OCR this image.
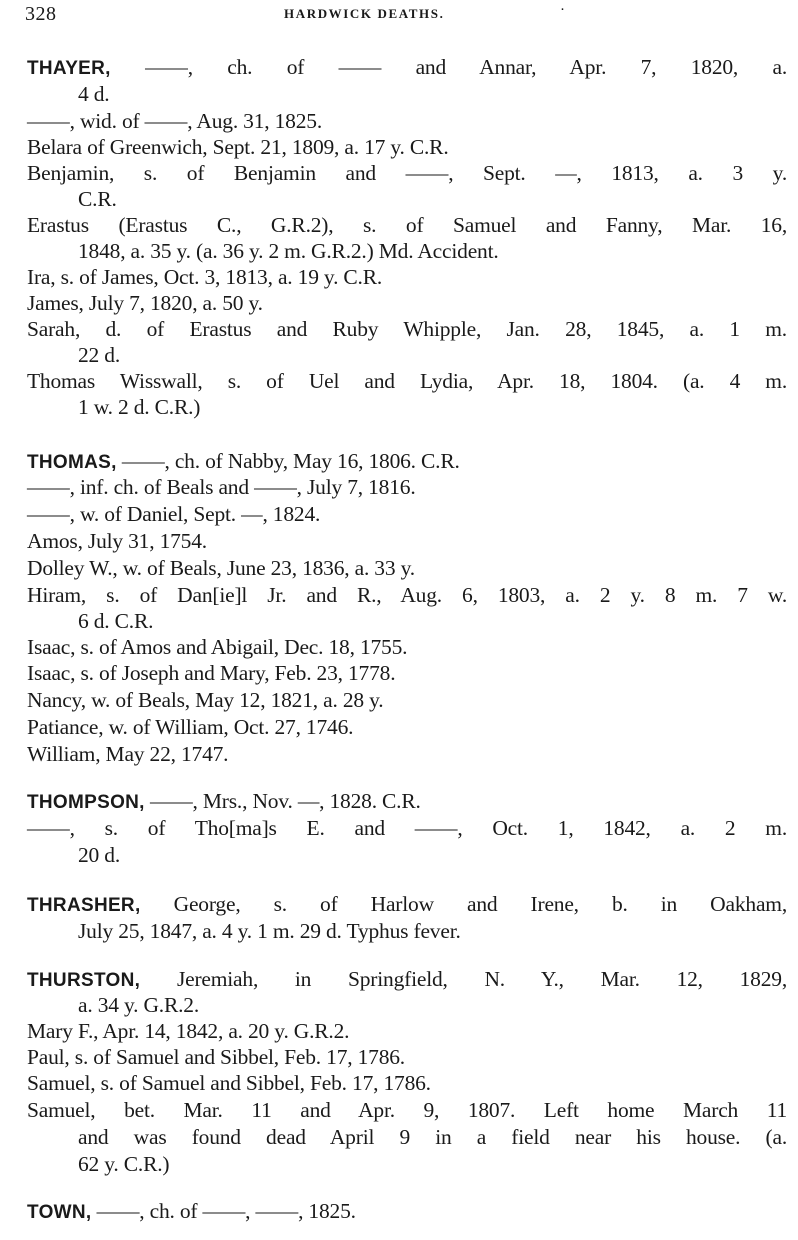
328	HARDWICK DEATHS.	·
THAYER, ——, ch. of —— and Annar, Apr. 7, 1820, a.
4 d.
——, wid. of ——, Aug. 31, 1825.
Belara of Greenwich, Sept. 21, 1809, a. 17 y. C.R.
Benjamin, s. of Benjamin and ——, Sept. —, 1813, a. 3 y.
C.R.
Erastus (Erastus C., G.R.2), s. of Samuel and Fanny, Mar. 16,
1848, a. 35 y. (a. 36 y. 2 m. G.R.2.) Md. Accident.
Ira, s. of James, Oct. 3, 1813, a. 19 y. C.R.
James, July 7, 1820, a. 50 y.
Sarah, d. of Erastus and Ruby Whipple, Jan. 28, 1845, a. 1 m.
22 d.
Thomas Wisswall, s. of Uel and Lydia, Apr. 18, 1804. (a. 4 m.
1 w. 2 d. C.R.)
THOMAS, ——, ch. of Nabby, May 16, 1806. C.R.
——, inf. ch. of Beals and ——, July 7, 1816.
——, w. of Daniel, Sept. —, 1824.
Amos, July 31, 1754.
Dolley W., w. of Beals, June 23, 1836, a. 33 y.
Hiram, s. of Dan[ie]l Jr. and R., Aug. 6, 1803, a. 2 y. 8 m. 7 w.
6 d. C.R.
Isaac, s. of Amos and Abigail, Dec. 18, 1755.
Isaac, s. of Joseph and Mary, Feb. 23, 1778.
Nancy, w. of Beals, May 12, 1821, a. 28 y.
Patiance, w. of William, Oct. 27, 1746.
William, May 22, 1747.
THOMPSON, ——, Mrs., Nov. —, 1828. C.R.
——, s. of Tho[ma]s E. and ——, Oct. 1, 1842, a. 2 m.
20 d.
THRASHER, George, s. of Harlow and Irene, b. in Oakham,
July 25, 1847, a. 4 y. 1 m. 29 d. Typhus fever.
THURSTON, Jeremiah, in Springfield, N. Y., Mar. 12, 1829,
a. 34 y. G.R.2.
Mary F., Apr. 14, 1842, a. 20 y. G.R.2.
Paul, s. of Samuel and Sibbel, Feb. 17, 1786.
Samuel, s. of Samuel and Sibbel, Feb. 17, 1786.
Samuel, bet. Mar. 11 and Apr. 9, 1807. Left home March 11
and was found dead April 9 in a field near his house. (a.
62 y. C.R.)
TOWN, ——, ch. of ——, ——, 1825.
